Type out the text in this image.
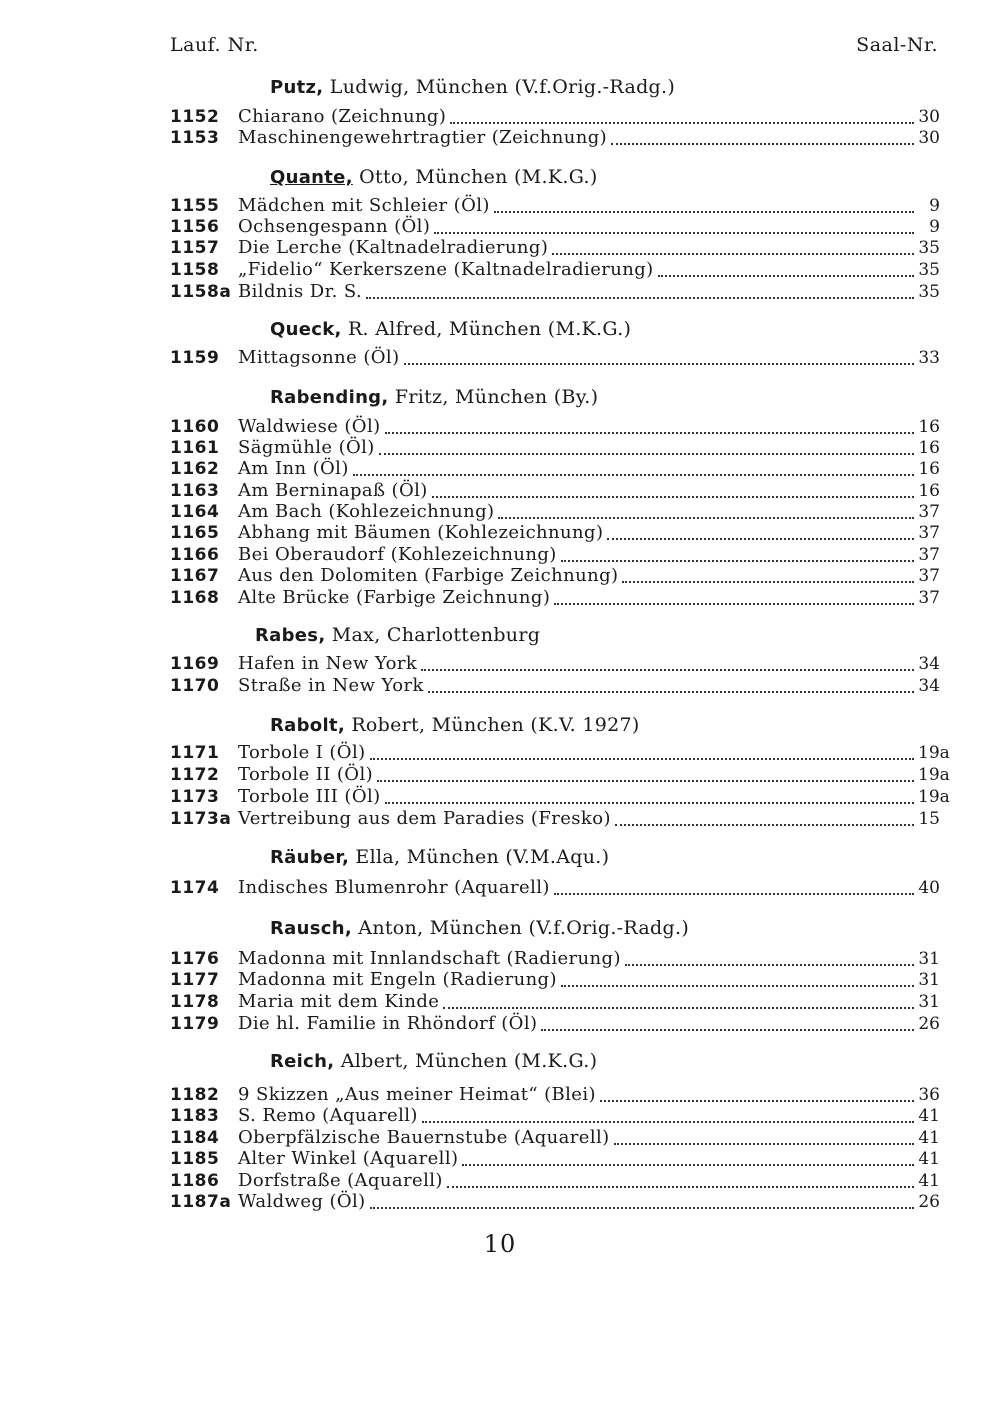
Lauf. Nr.	Saal-Nr.
Putz, Ludwig, München (V.f.Orig.-Radg.)
1152	Chiarano (Zeichnung)	30
1153	Maschinengewehrtragtier (Zeichnung)	30
Quante, Otto, München (M.K.G.)
1155	Mädchen mit Schleier (Öl)	9
1156	Ochsengespann (Öl)	9
1157	Die Lerche (Kaltnadelradierung)	35
1158	„Fidelio“ Kerkerszene (Kaltnadelradierung)	35
1158a Bildnis Dr. S.	35
Queck, R. Alfred, München (M.K.G.)
1159	Mittagsonne (Öl)	33
Rabending, Fritz, München (By.)
1160	Waldwiese (Öl)	16
1161	Sägmühle (Öl)	16
1162	Am Inn (Öl)	16
1163	Am Berninapaß (Öl)	16
1164	Am Bach (Kohlezeichnung)	37
1165	Abhang mit Bäumen (Kohlezeichnung)	37
1166	Bei Oberaudorf (Kohlezeichnung)	37
1167	Aus den Dolomiten (Farbige Zeichnung)	37
1168	Alte Brücke (Farbige Zeichnung)	37
Rabes, Max, Charlottenburg
1169	Hafen in New York	34
1170	Straße in New York	34
Rabolt, Robert, München (K.V. 1927)
1171	Torbole I (Öl)	19a
1172	Torbole II (Öl)	19a
1173	Torbole III (Öl)	19a
1173a Vertreibung aus dem Paradies (Fresko)	15
Räuber, Ella, München (V.M.Aqu.)
1174	Indisches Blumenrohr (Aquarell)	40
Rausch, Anton, München (V.f.Orig.-Radg.)
1176	Madonna mit Innlandschaft (Radierung)	31
1177	Madonna mit Engeln (Radierung)	31
1178	Maria mit dem Kinde	31
1179	Die hl. Familie in Rhöndorf (Öl)	26
Reich, Albert, München (M.K.G.)
1182	9 Skizzen „Aus meiner Heimat“ (Blei)	36
1183	S. Remo (Aquarell)	41
1184	Oberpfälzische Bauernstube (Aquarell)	41
1185	Alter Winkel (Aquarell)	41
1186	Dorfstraße (Aquarell)	41
1187a Waldweg (Öl)	26
10
